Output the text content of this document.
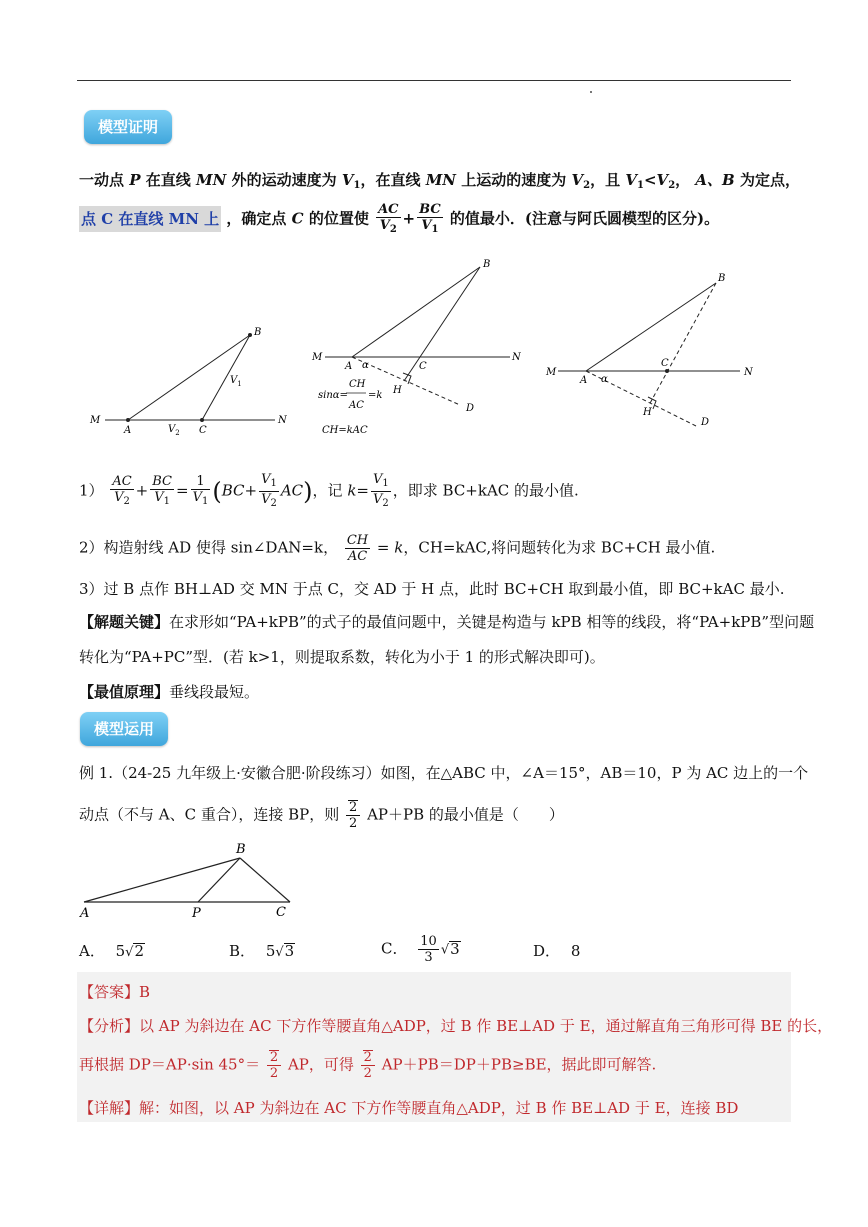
模型证明
一动点 P 在直线 MN 外的运动速度为 $V_1$，在直线 MN 上运动的速度为 $V_2$，且 $V_1<V_2$， A、B 为定点，
点 C 在直线 MN 上 ，确定点 C 的位置使 $\frac{AC}{V_2} + \frac{BC}{V_1}$ 的值最小．(注意与阿氏圆模型的区分)。
M
A	C
N
B
$V_1$
$V_2$
M	N
A α	C
B
H
D
sinα=
CH
AC
=k
CH=kAC
M	N
A α
C
B
H
D
$1) \frac{AC}{V_2} + \frac{BC}{V_1} = \frac{1}{V_1} (BC+ \frac{V_1}{V_2} AC)$，记 $k= \frac{V_1}{V_2}$ ，即求 BC+kAC 的最小值.
2）构造射线 AD 使得 sin∠DAN=k， $\frac{CH}{AC} = k$，CH=kAC,将问题转化为求 BC+CH 最小值.
3）过 B 点作 BH⊥AD 交 MN 于点 C，交 AD 于 H 点，此时 BC+CH 取到最小值，即 BC+kAC 最小.
【解题关键】在求形如“PA+kPB”的式子的最值问题中，关键是构造与 kPB 相等的线段，将“PA+kPB”型问题
转化为“PA+PC”型．(若 k>1，则提取系数，转化为小于 1 的形式解决即可)。
【最值原理】垂线段最短。
模型运用
例 1.（24-25 九年级上·安徽合肥·阶段练习）如图，在△ABC 中，∠A＝15°，AB＝10，P 为 AC 边上的一个
动点（不与 A、C 重合），连接 BP，则 $\frac{2}{2} AP+PB$ 的最小值是（　　）
A
B
C
P
A． 5√2	B． 5√3	C． $\frac{10}{3} √3$	D． 8
【答案】B
【分析】以 AP 为斜边在 AC 下方作等腰直角△ADP，过 B 作 BE⊥AD 于 E，通过解直角三角形可得 BE 的长，
再根据 DP＝AP·sin $45^\circ= \frac{2}{2}$ AP，可得 $\frac{2}{2} AP+PB=DP+PB\ge BE$，据此即可解答.
【详解】解：如图，以 AP 为斜边在 AC 下方作等腰直角△ADP，过 B 作 BE⊥AD 于 E，连接 BD
